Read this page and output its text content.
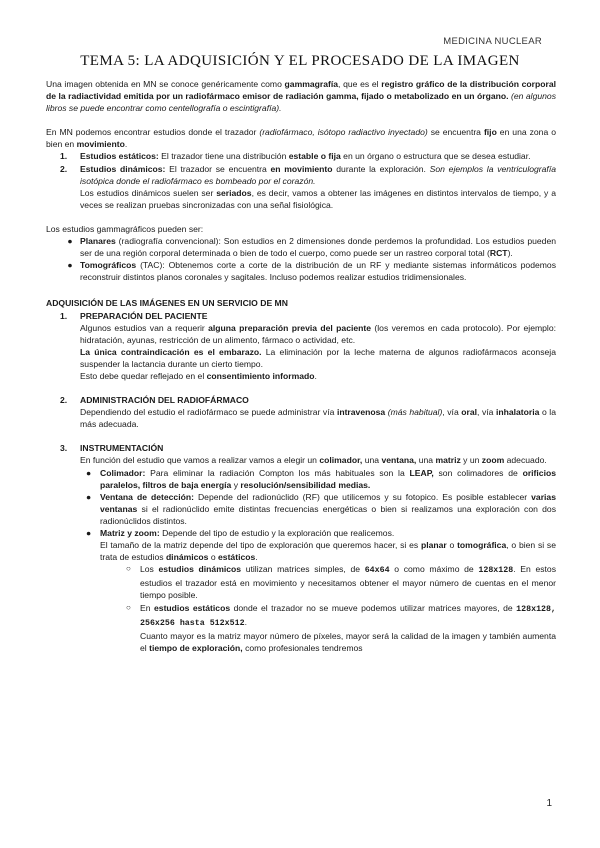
MEDICINA NUCLEAR
TEMA 5: LA ADQUISICIÓN Y EL PROCESADO DE LA IMAGEN

Una imagen obtenida en MN se conoce genéricamente como gammagrafía, que es el registro gráfico de la distribución corporal de la radiactividad emitida por un radiofármaco emisor de radiación gamma, fijado o metabolizado en un órgano. (en algunos libros se puede encontrar como centellografía o escintigrafía).

En MN podemos encontrar estudios donde el trazador (radiofármaco, isótopo radiactivo inyectado) se encuentra fijo en una zona o bien en movimiento.

1.	Estudios estáticos: El trazador tiene una distribución estable o fija en un órgano o estructura que se desea estudiar.
2.	Estudios dinámicos: El trazador se encuentra en movimiento durante la exploración. Son ejemplos la ventriculografía isotópica donde el radiofármaco es bombeado por el corazón.
Los estudios dinámicos suelen ser seriados, es decir, vamos a obtener las imágenes en distintos intervalos de tiempo, y a veces se realizan pruebas sincronizadas con una señal fisiológica.

Los estudios gammagráficos pueden ser:

● Planares (radiografía convencional): Son estudios en 2 dimensiones donde perdemos la profundidad. Los estudios pueden ser de una región corporal determinada o bien de todo el cuerpo, como puede ser un rastreo corporal total (RCT).
● Tomográficos (TAC): Obtenemos corte a corte de la distribución de un RF y mediante sistemas informáticos podemos reconstruir distintos planos coronales y sagitales. Incluso podemos realizar estudios tridimensionales.
ADQUISICIÓN DE LAS IMÁGENES EN UN SERVICIO DE MN
1.	PREPARACIÓN DEL PACIENTE
Algunos estudios van a requerir alguna preparación previa del paciente (los veremos en cada protocolo). Por ejemplo: hidratación, ayunas, restricción de un alimento, fármaco o actividad, etc.
La única contraindicación es el embarazo. La eliminación por la leche materna de algunos radiofármacos aconseja suspender la lactancia durante un cierto tiempo.
Esto debe quedar reflejado en el consentimiento informado.
2.	ADMINISTRACIÓN DEL RADIOFÁRMACO
Dependiendo del estudio el radiofármaco se puede administrar vía intravenosa (más habitual), vía oral, vía inhalatoria o la más adecuada.
3.	INSTRUMENTACIÓN
En función del estudio que vamos a realizar vamos a elegir un colimador, una ventana, una matriz y un zoom adecuado.
●	Colimador: Para eliminar la radiación Compton los más habituales son la LEAP, son colimadores de orificios paralelos, filtros de baja energía y resolución/sensibilidad medias.
●	Ventana de detección: Depende del radionúclido (RF) que utilicemos y su fotopico. Es posible establecer varias ventanas si el radionúclido emite distintas frecuencias energéticas o bien si realizamos una exploración con dos radionúclidos distintos.
●	Matriz y zoom: Depende del tipo de estudio y la exploración que realicemos.
El tamaño de la matriz depende del tipo de exploración que queremos hacer, si es planar o tomográfica, o bien si se trata de estudios dinámicos o estáticos.
○	Los estudios dinámicos utilizan matrices simples, de 64x64 o como máximo de 128x128. En estos estudios el trazador está en movimiento y necesitamos obtener el mayor número de cuentas en el menor tiempo posible.
○	En estudios estáticos donde el trazador no se mueve podemos utilizar matrices mayores, de 128x128, 256x256 hasta 512x512.
Cuanto mayor es la matriz mayor número de píxeles, mayor será la calidad de la imagen y también aumenta el tiempo de exploración, como profesionales tendremos
1
